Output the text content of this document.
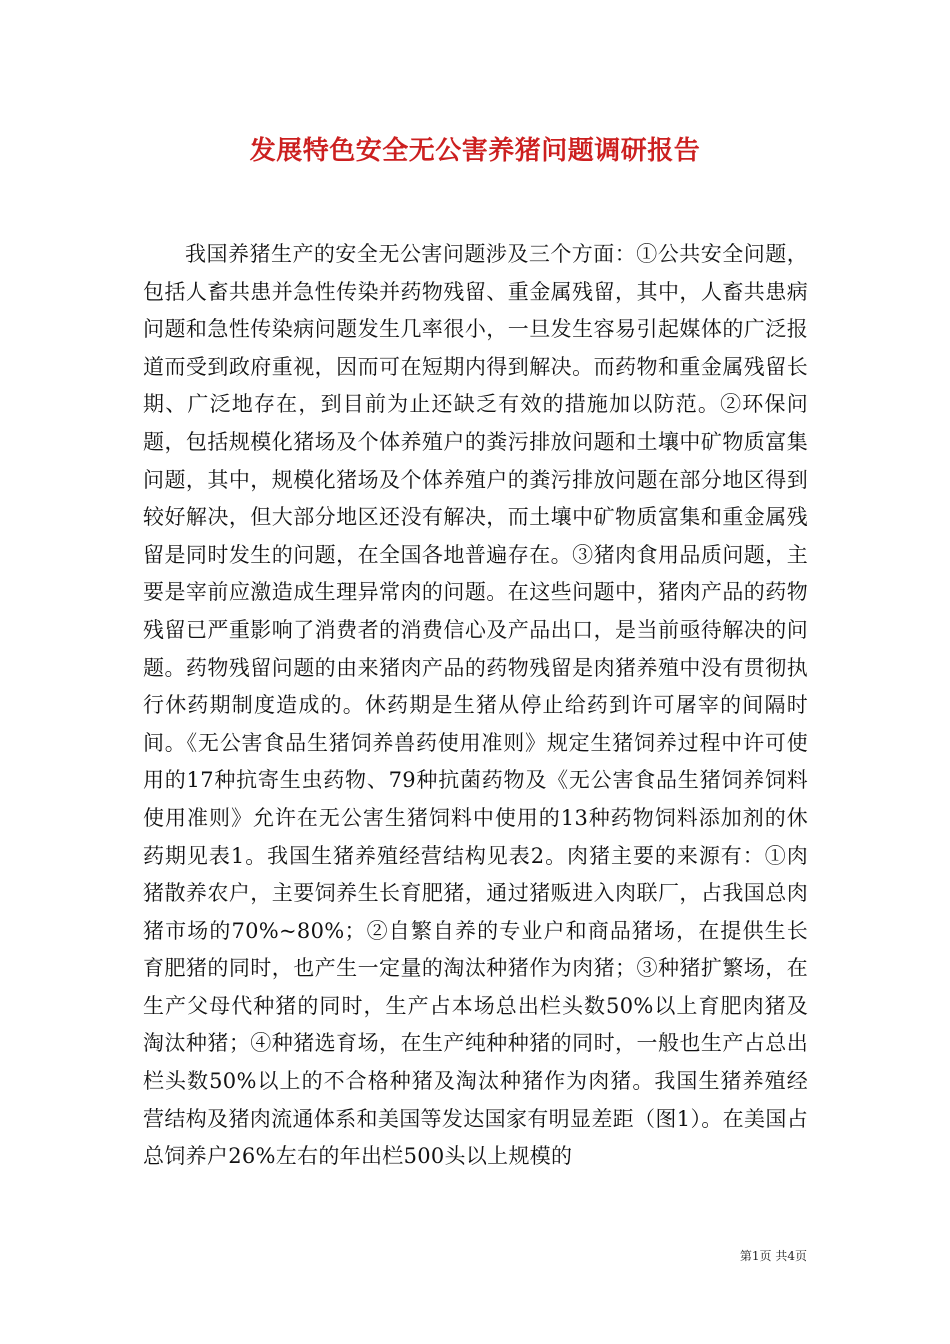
发展特色安全无公害养猪问题调研报告

我国养猪生产的安全无公害问题涉及三个方面：①公共安全问题，包括人畜共患并急性传染并药物残留、重金属残留，其中，人畜共患病问题和急性传染病问题发生几率很小，一旦发生容易引起媒体的广泛报道而受到政府重视，因而可在短期内得到解决。而药物和重金属残留长期、广泛地存在，到目前为止还缺乏有效的措施加以防范。②环保问题，包括规模化猪场及个体养殖户的粪污排放问题和土壤中矿物质富集问题，其中，规模化猪场及个体养殖户的粪污排放问题在部分地区得到较好解决，但大部分地区还没有解决，而土壤中矿物质富集和重金属残留是同时发生的问题，在全国各地普遍存在。③猪肉食用品质问题，主要是宰前应激造成生理异常肉的问题。在这些问题中，猪肉产品的药物残留已严重影响了消费者的消费信心及产品出口，是当前亟待解决的问题。药物残留问题的由来猪肉产品的药物残留是肉猪养殖中没有贯彻执行休药期制度造成的。休药期是生猪从停止给药到许可屠宰的间隔时间。《无公害食品生猪饲养兽药使用准则》规定生猪饲养过程中许可使用的17种抗寄生虫药物、79种抗菌药物及《无公害食品生猪饲养饲料使用准则》允许在无公害生猪饲料中使用的13种药物饲料添加剂的休药期见表1。我国生猪养殖经营结构见表2。肉猪主要的来源有：①肉猪散养农户，主要饲养生长育肥猪，通过猪贩进入肉联厂，占我国总肉猪市场的70%~80%；②自繁自养的专业户和商品猪场，在提供生长育肥猪的同时，也产生一定量的淘汰种猪作为肉猪；③种猪扩繁场，在生产父母代种猪的同时，生产占本场总出栏头数50%以上育肥肉猪及淘汰种猪；④种猪选育场，在生产纯种种猪的同时，一般也生产占总出栏头数50%以上的不合格种猪及淘汰种猪作为肉猪。我国生猪养殖经营结构及猪肉流通体系和美国等发达国家有明显差距（图1）。在美国占总饲养户26%左右的年出栏500头以上规模的

第1页 共4页
